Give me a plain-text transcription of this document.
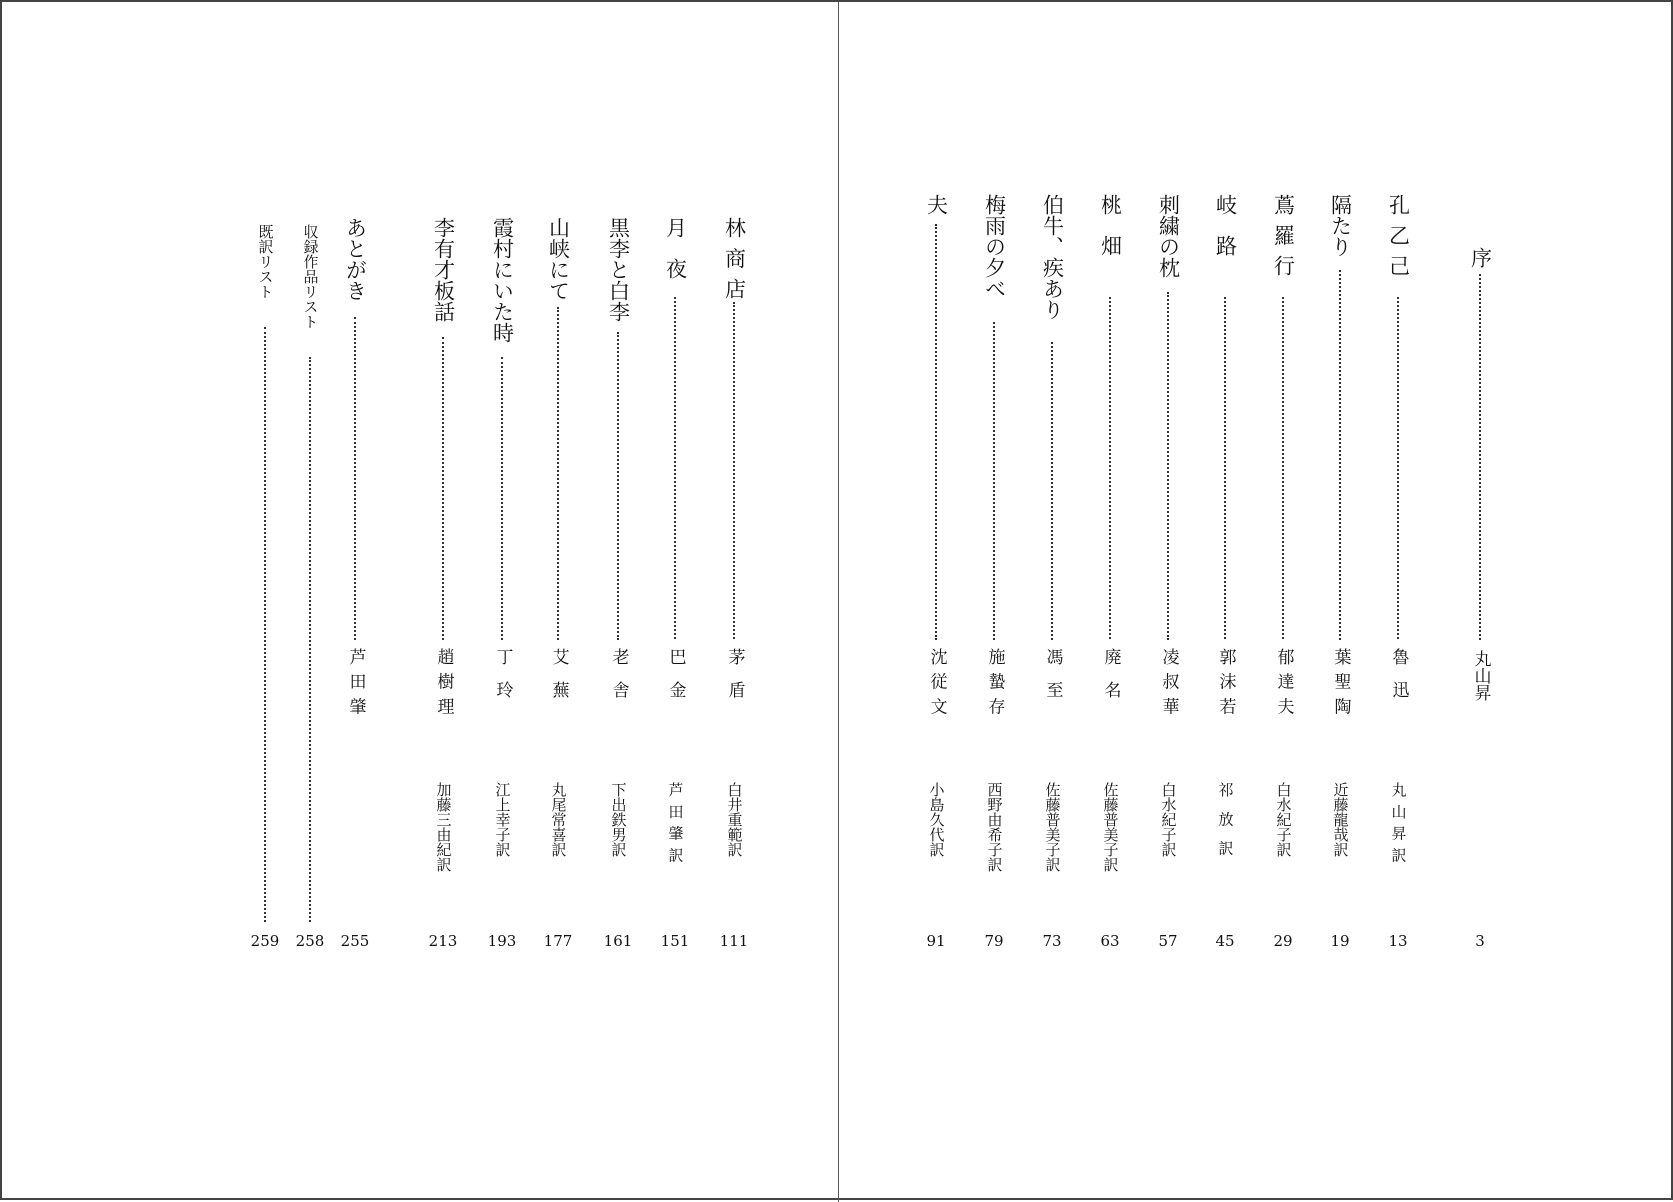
序
丸山昇
3
孔乙己
魯迅
丸山昇訳
13
隔たり
葉聖陶
近藤龍哉訳
19
蔦羅行
郁達夫
白水紀子訳
29
岐路
郭沫若
祁放訳
45
刺繍の枕
凌叔華
白水紀子訳
57
桃畑
廃名
佐藤普美子訳
63
伯牛、疾あり
馮至
佐藤普美子訳
73
梅雨の夕べ
施蟄存
西野由希子訳
79
夫
沈従文
小島久代訳
91
林商店
茅盾
白井重範訳
111
月夜
巴金
芦田肇訳
151
黒李と白李
老舎
下出鉄男訳
161
山峡にて
艾蕪
丸尾常喜訳
177
霞村にいた時
丁玲
江上幸子訳
193
李有才板話
趙樹理
加藤三由紀訳
213
あとがき
芦田肇
255
収録作品リスト
258
既訳リスト
259
